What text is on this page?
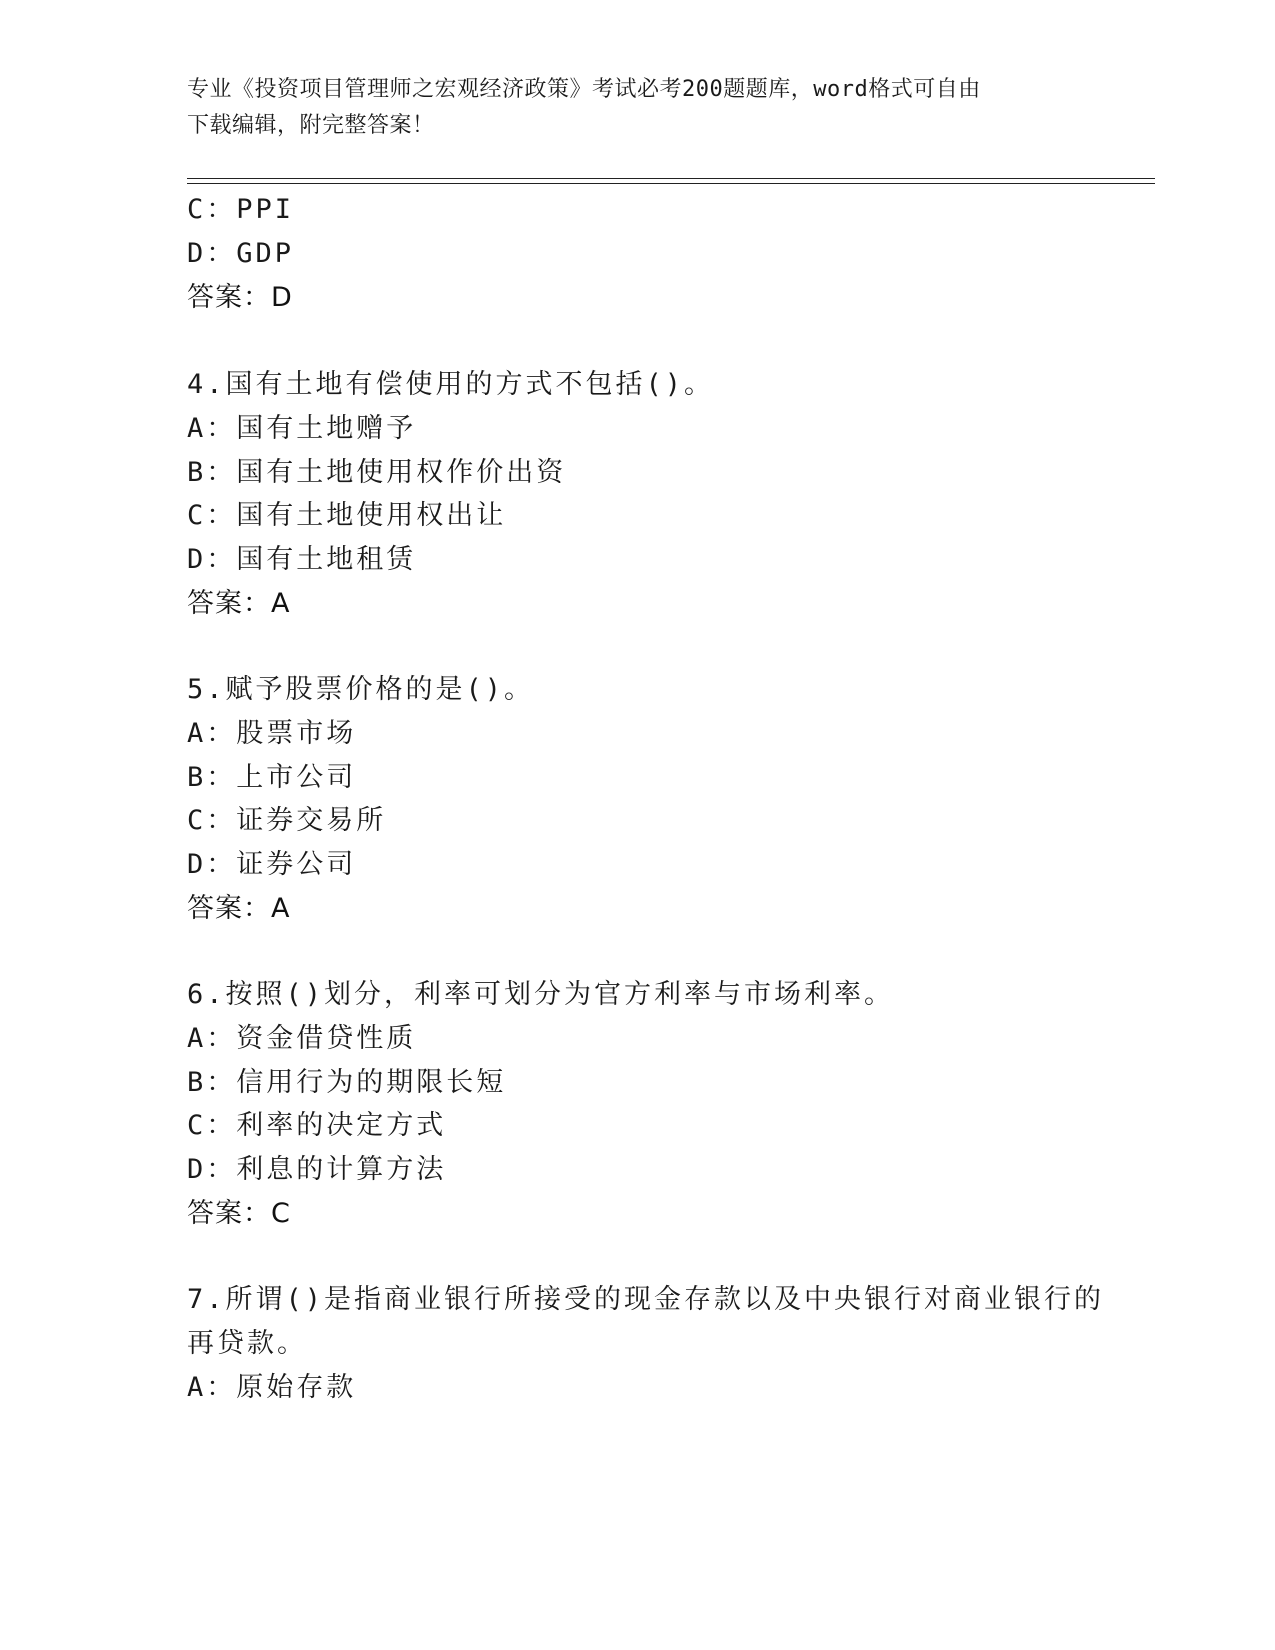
专业《投资项目管理师之宏观经济政策》考试必考200题题库，word格式可自由
下载编辑，附完整答案！
C：PPI
D：GDP
答案：D
4.国有土地有偿使用的方式不包括()。
A：国有土地赠予
B：国有土地使用权作价出资
C：国有土地使用权出让
D：国有土地租赁
答案：A
5.赋予股票价格的是()。
A：股票市场
B：上市公司
C：证券交易所
D：证券公司
答案：A
6.按照()划分，利率可划分为官方利率与市场利率。
A：资金借贷性质
B：信用行为的期限长短
C：利率的决定方式
D：利息的计算方法
答案：C
7.所谓()是指商业银行所接受的现金存款以及中央银行对商业银行的
再贷款。
A：原始存款
